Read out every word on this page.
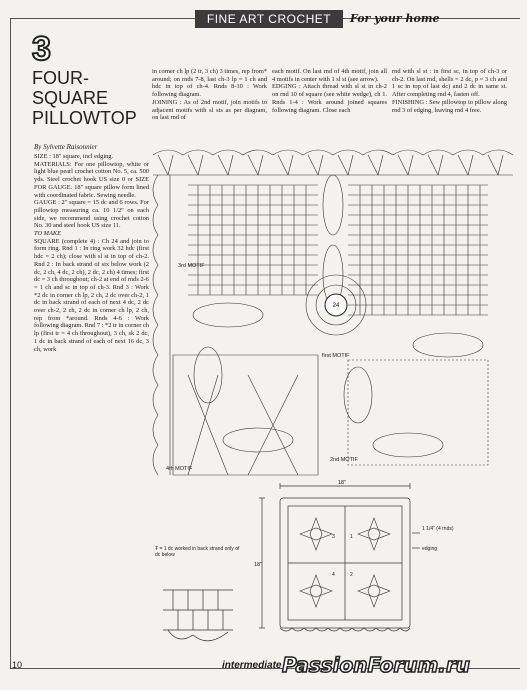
FINE ART CROCHET	For your home
3
FOUR-SQUARE PILLOWTOP
By Sylvette Raisonnier

SIZE : 18" square, incl edging.

MATERIALS: For one pillowtop, white or light blue pearl crochet cotton No. 5, ca. 500 yds. Steel crochet hook US size 0 or SIZE FOR GAUGE. 18" square pillow form lined with coordinated fabric. Sewing needle.

GAUGE : 2" square = 15 dc and 6 rows. For pillowtop measuring ca. 10 1/2" on each side, we recommend using crochet cotton No. 30 and steel hook US size 11.

TO MAKE

SQUARE (complete 4) : Ch 24 and join to form ring. Rnd 1 : In ring work 32 hdc (first hdc = 2 ch); close with sl st in top of ch-2. Rnd 2 : In back strand of six below work (2 dc, 2 ch, 4 dc, 2 ch), 2 dc, 2 ch) 4 times; first dc = 3 ch throughout; ch-2 at end of rnds 2-6 = 1 ch and sc in top of ch-3. Rnd 3 : Work *2 dc in corner ch lp, 2 ch, 2 dc over ch-2, 1 dc in back strand of each of next 4 dc, 2 dc over ch-2, 2 ch, 2 dc in corner ch lp, 2 ch, rep from *around. Rnds 4-6 : Work following diagram. Rnd 7 : *2 tr in corner ch lp (first tr = 4 ch throughout), 3 ch, sk 2 dc, 1 dc in back strand of each of next 16 dc, 3 ch, work

in corner ch lp (2 tr, 3 ch) 3 times, rep from* around; on rnds 7-8, last ch-3 lp = 1 ch and hdc in top of ch-4. Rnds 8-10 : Work following diagram.

JOINING : As of 2nd motif, join motifs to adjacent motifs with sl sts as per diagram, on last rnd of

each motif. On last rnd of 4th motif, join all 4 motifs in center with 1 sl st (see arrow).

EDGING : Attach thread with sl st in ch-2 on rnd 10 of square (see white wedge), ch 1. Rnds 1-4 : Work around joined squares following diagram. Close each

rnd with sl st : in first sc, in top of ch-3 or ch-2. On last rnd, shells = 2 dc, p = 3 ch and 1 sc in top of last dc) and 2 dc in same st. After completing rnd 4, fasten off.

FINISHING : Sew pillowtop to pillow along rnd 3 of edging, leaving rnd 4 free.

24
3rd MOTIF
first MOTIF
2nd MOTIF
4th MOTIF
18"
18"
1 1/4" (4 rnds)
edging
3	1
4	2
Ŧ = 1 dc worked in back strand only of dc below
10	intermediate PassionForum.ru
